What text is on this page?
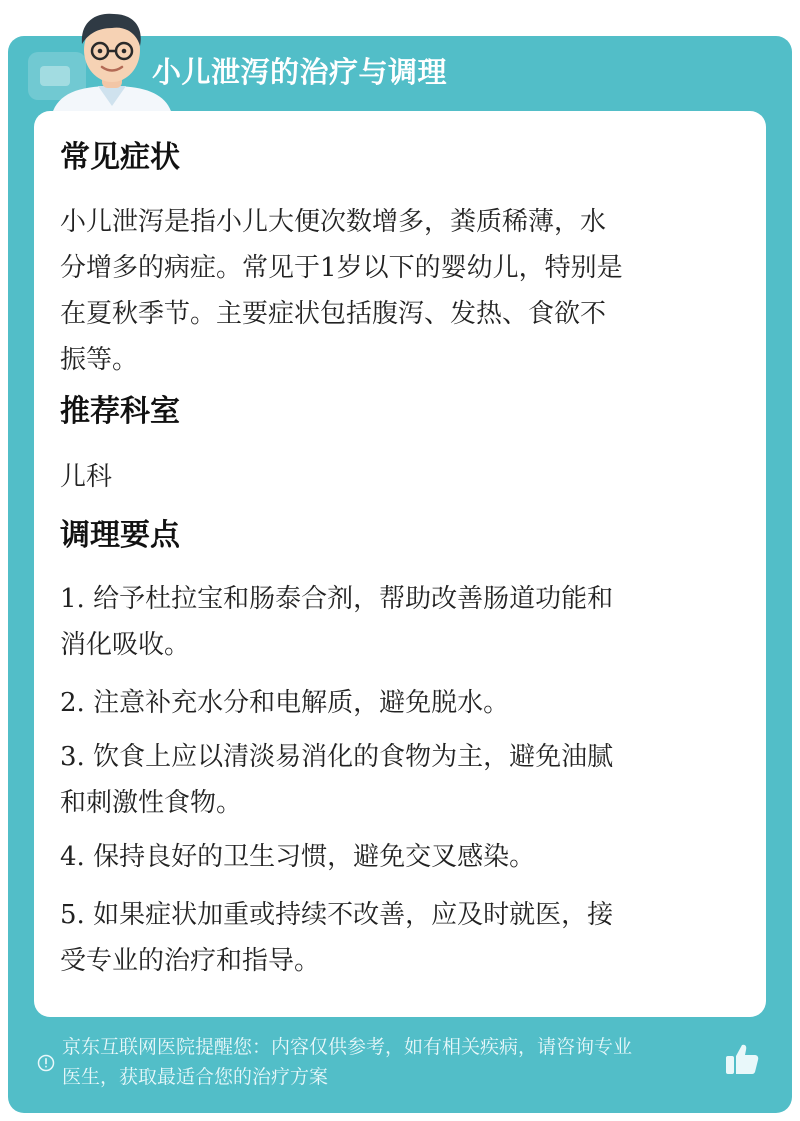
小儿泄泻的治疗与调理
常见症状
小儿泄泻是指小儿大便次数增多，粪质稀薄，水
分增多的病症。常见于1岁以下的婴幼儿，特别是
在夏秋季节。主要症状包括腹泻、发热、食欲不
振等。
推荐科室
儿科
调理要点
1. 给予杜拉宝和肠泰合剂，帮助改善肠道功能和
消化吸收。
2. 注意补充水分和电解质，避免脱水。
3. 饮食上应以清淡易消化的食物为主，避免油腻
和刺激性食物。
4. 保持良好的卫生习惯，避免交叉感染。
5. 如果症状加重或持续不改善，应及时就医，接
受专业的治疗和指导。
京东互联网医院提醒您：内容仅供参考，如有相关疾病，请咨询专业
医生，获取最适合您的治疗方案
